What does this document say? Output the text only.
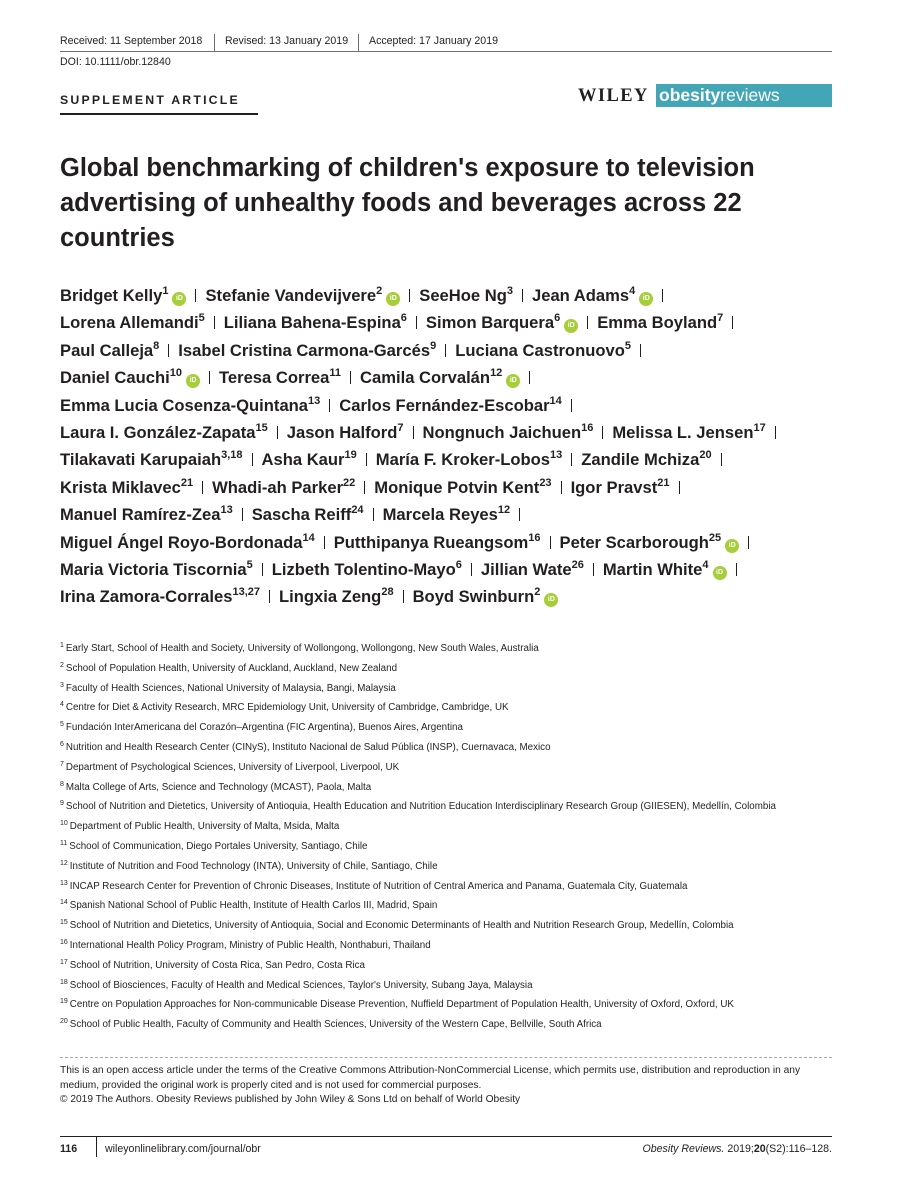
Received: 11 September 2018 Revised: 13 January 2019 Accepted: 17 January 2019
DOI: 10.1111/obr.12840
SUPPLEMENT ARTICLE	WILEY obesityreviews
Global benchmarking of children's exposure to television advertising of unhealthy foods and beverages across 22 countries
Bridget Kelly$^1$iD Stefanie Vandevijvere$^2$iD SeeHoe Ng$^3$ Jean Adams$^4$iD
Lorena Allemandi$^5$ Liliana Bahena-Espina$^6$ Simon Barquera$^6$iD Emma Boyland$^7$
Paul Calleja$^8$ Isabel Cristina Carmona-Garcés$^9$ Luciana Castronuovo$^5$
Daniel Cauchi$^{10}$iD Teresa Correa$^{11}$ Camila Corvalán$^{12}$iD
Emma Lucia Cosenza-Quintana$^{13}$ Carlos Fernández-Escobar$^{14}$
Laura I. González-Zapata$^{15}$ Jason Halford$^7$ Nongnuch Jaichuen$^{16}$ Melissa L. Jensen$^{17}$
Tilakavati Karupaiah$^{3,18}$ Asha Kaur$^{19}$ María F. Kroker-Lobos$^{13}$ Zandile Mchiza$^{20}$
Krista Miklavec$^{21}$ Whadi-ah Parker$^{22}$ Monique Potvin Kent$^{23}$ Igor Pravst$^{21}$
Manuel Ramírez-Zea$^{13}$ Sascha Reiff$^{24}$ Marcela Reyes$^{12}$
Miguel Ángel Royo-Bordonada$^{14}$ Putthipanya Rueangsom$^{16}$ Peter Scarborough$^{25}$iD
Maria Victoria Tiscornia$^5$ Lizbeth Tolentino-Mayo$^6$ Jillian Wate$^{26}$ Martin White$^4$iD
Irina Zamora-Corrales$^{13,27}$ Lingxia Zeng$^{28}$ Boyd Swinburn$^2$iD
$^1$ Early Start, School of Health and Society, University of Wollongong, Wollongong, New South Wales, Australia
$^2$ School of Population Health, University of Auckland, Auckland, New Zealand
$^3$ Faculty of Health Sciences, National University of Malaysia, Bangi, Malaysia
$^4$ Centre for Diet & Activity Research, MRC Epidemiology Unit, University of Cambridge, Cambridge, UK
$^5$ Fundación InterAmericana del Corazón–Argentina (FIC Argentina), Buenos Aires, Argentina
$^6$ Nutrition and Health Research Center (CINyS), Instituto Nacional de Salud Pública (INSP), Cuernavaca, Mexico
$^7$ Department of Psychological Sciences, University of Liverpool, Liverpool, UK
$^8$ Malta College of Arts, Science and Technology (MCAST), Paola, Malta
$^9$ School of Nutrition and Dietetics, University of Antioquia, Health Education and Nutrition Education Interdisciplinary Research Group (GIIESEN), Medellín, Colombia
$^{10}$ Department of Public Health, University of Malta, Msida, Malta
$^{11}$ School of Communication, Diego Portales University, Santiago, Chile
$^{12}$ Institute of Nutrition and Food Technology (INTA), University of Chile, Santiago, Chile
$^{13}$ INCAP Research Center for Prevention of Chronic Diseases, Institute of Nutrition of Central America and Panama, Guatemala City, Guatemala
$^{14}$ Spanish National School of Public Health, Institute of Health Carlos III, Madrid, Spain
$^{15}$ School of Nutrition and Dietetics, University of Antioquia, Social and Economic Determinants of Health and Nutrition Research Group, Medellín, Colombia
$^{16}$ International Health Policy Program, Ministry of Public Health, Nonthaburi, Thailand
$^{17}$ School of Nutrition, University of Costa Rica, San Pedro, Costa Rica
$^{18}$ School of Biosciences, Faculty of Health and Medical Sciences, Taylor's University, Subang Jaya, Malaysia
$^{19}$ Centre on Population Approaches for Non-communicable Disease Prevention, Nuffield Department of Population Health, University of Oxford, Oxford, UK
$^{20}$ School of Public Health, Faculty of Community and Health Sciences, University of the Western Cape, Bellville, South Africa
This is an open access article under the terms of the Creative Commons Attribution-NonCommercial License, which permits use, distribution and reproduction in any medium, provided the original work is properly cited and is not used for commercial purposes.
© 2019 The Authors. Obesity Reviews published by John Wiley & Sons Ltd on behalf of World Obesity
116	wileyonlinelibrary.com/journal/obr	Obesity Reviews. 2019;20(S2):116–128.
